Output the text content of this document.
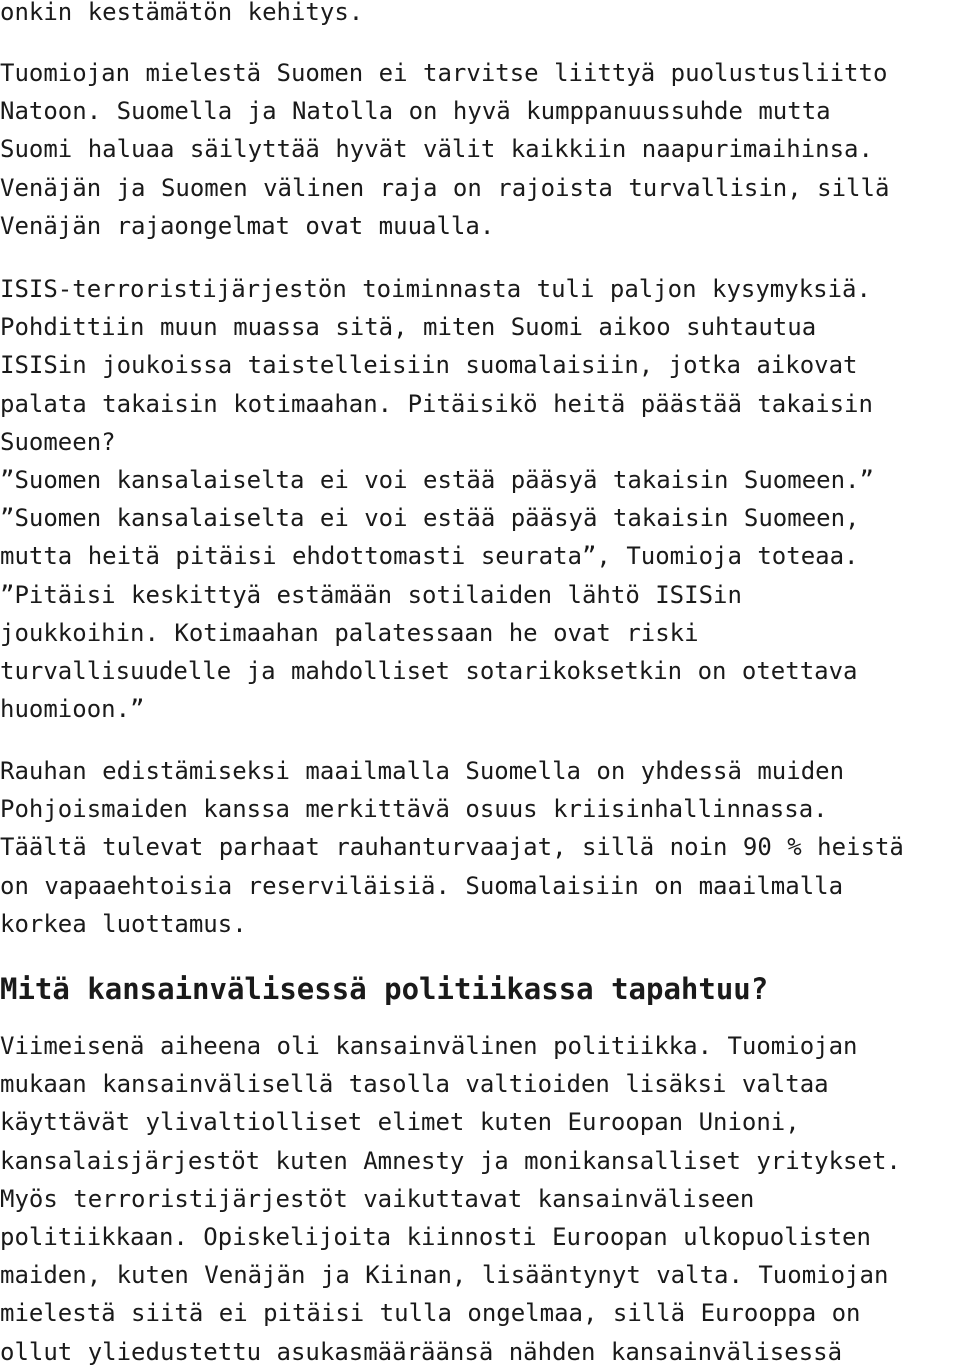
onkin kestämätön kehitys.
Tuomiojan mielestä Suomen ei tarvitse liittyä puolustusliitto
Natoon. Suomella ja Natolla on hyvä kumppanuussuhde mutta
Suomi haluaa säilyttää hyvät välit kaikkiin naapurimaihinsa.
Venäjän ja Suomen välinen raja on rajoista turvallisin, sillä
Venäjän rajaongelmat ovat muualla.
ISIS-terroristijärjestön toiminnasta tuli paljon kysymyksiä.
Pohdittiin muun muassa sitä, miten Suomi aikoo suhtautua
ISISin joukoissa taistelleisiin suomalaisiin, jotka aikovat
palata takaisin kotimaahan. Pitäisikö heitä päästää takaisin
Suomeen?
”Suomen kansalaiselta ei voi estää pääsyä takaisin Suomeen.”
”Suomen kansalaiselta ei voi estää pääsyä takaisin Suomeen,
mutta heitä pitäisi ehdottomasti seurata”, Tuomioja toteaa.
”Pitäisi keskittyä estämään sotilaiden lähtö ISISin
joukkoihin. Kotimaahan palatessaan he ovat riski
turvallisuudelle ja mahdolliset sotarikoksetkin on otettava
huomioon.”
Rauhan edistämiseksi maailmalla Suomella on yhdessä muiden
Pohjoismaiden kanssa merkittävä osuus kriisinhallinnassa.
Täältä tulevat parhaat rauhanturvaajat, sillä noin 90 % heistä
on vapaaehtoisia reserviläisiä. Suomalaisiin on maailmalla
korkea luottamus.
Mitä kansainvälisessä politiikassa tapahtuu?
Viimeisenä aiheena oli kansainvälinen politiikka. Tuomiojan
mukaan kansainvälisellä tasolla valtioiden lisäksi valtaa
käyttävät ylivaltiolliset elimet kuten Euroopan Unioni,
kansalaisjärjestöt kuten Amnesty ja monikansalliset yritykset.
Myös terroristijärjestöt vaikuttavat kansainväliseen
politiikkaan. Opiskelijoita kiinnosti Euroopan ulkopuolisten
maiden, kuten Venäjän ja Kiinan, lisääntynyt valta. Tuomiojan
mielestä siitä ei pitäisi tulla ongelmaa, sillä Eurooppa on
ollut yliedustettu asukasmääräänsä nähden kansainvälisessä
